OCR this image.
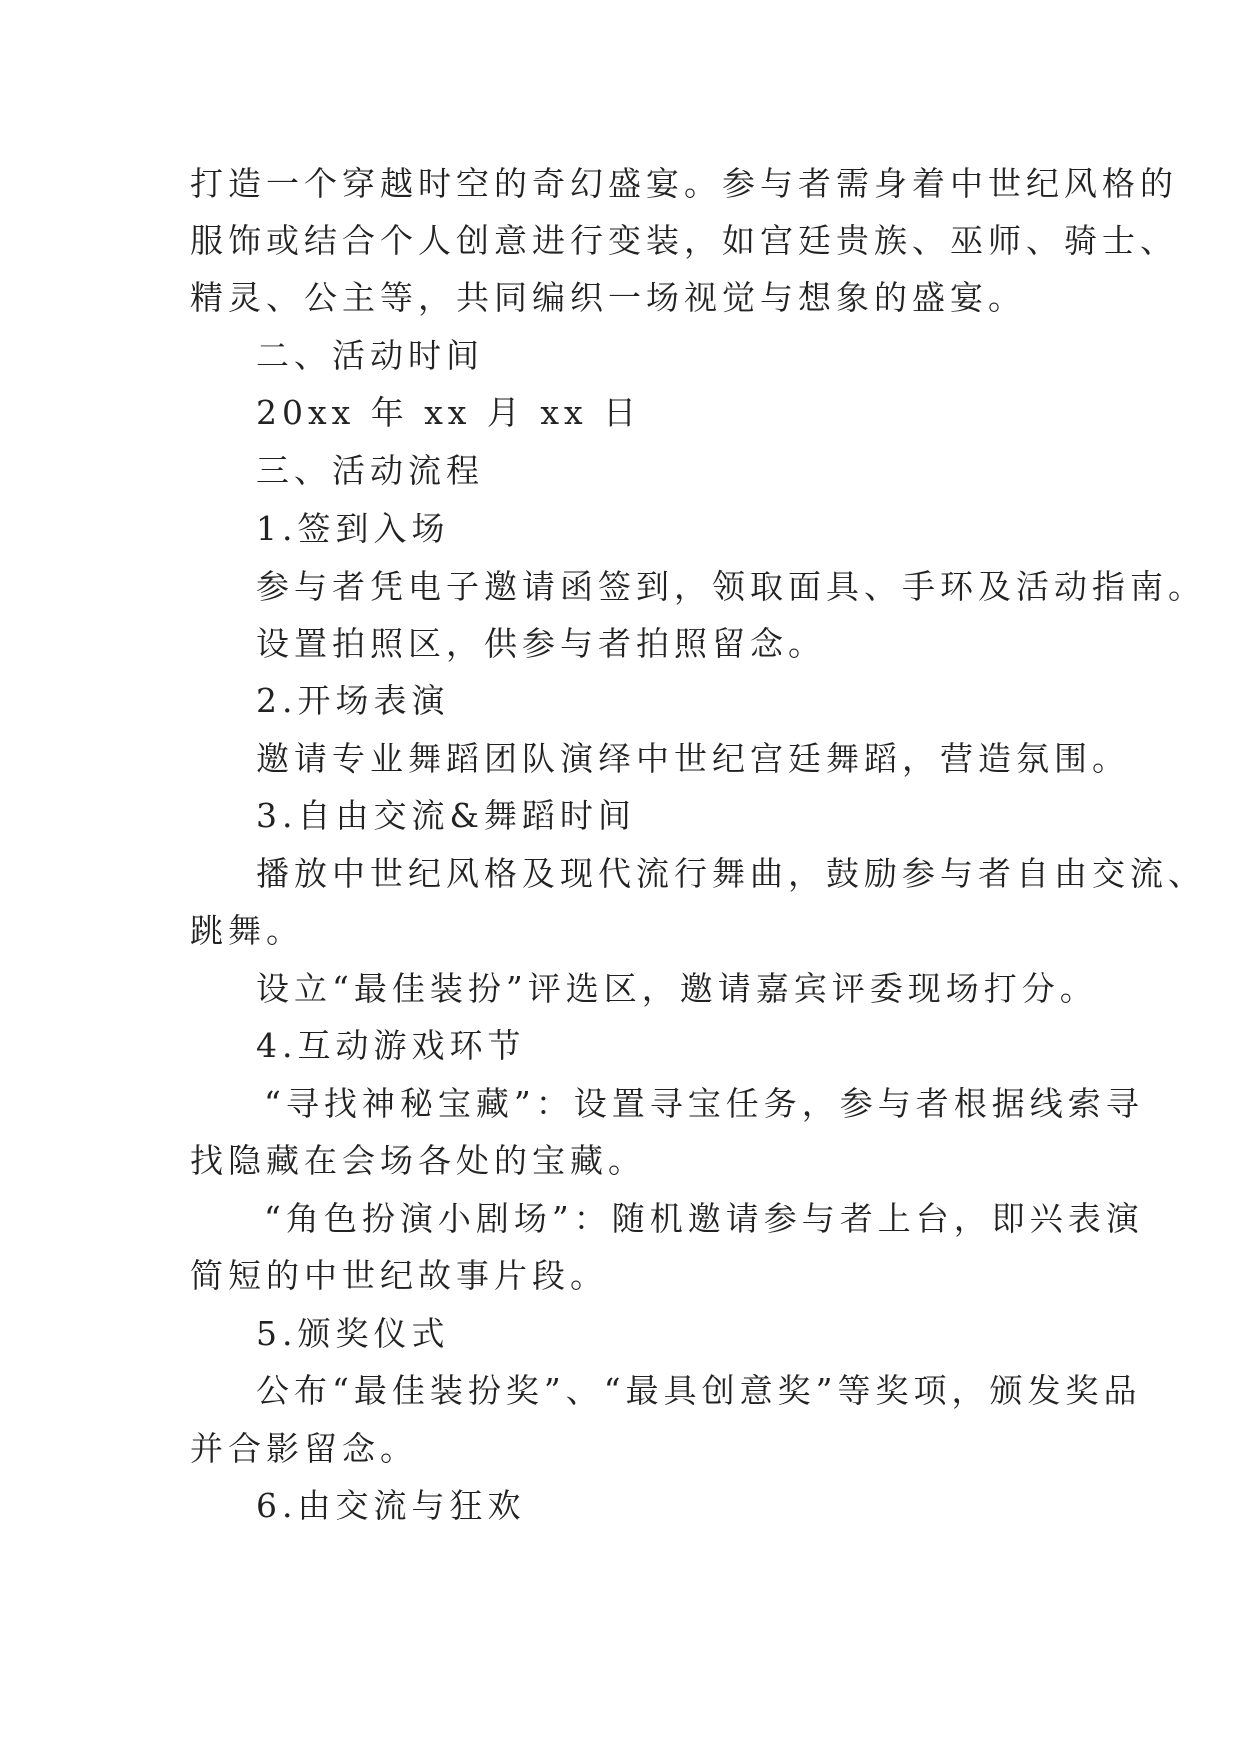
打造一个穿越时空的奇幻盛宴。参与者需身着中世纪风格的
服饰或结合个人创意进行变装，如宫廷贵族、巫师、骑士、
精灵、公主等，共同编织一场视觉与想象的盛宴。
二、活动时间
20xx 年 xx 月 xx 日
三、活动流程
1.签到入场
参与者凭电子邀请函签到，领取面具、手环及活动指南。
设置拍照区，供参与者拍照留念。
2.开场表演
邀请专业舞蹈团队演绎中世纪宫廷舞蹈，营造氛围。
3.自由交流&舞蹈时间
播放中世纪风格及现代流行舞曲，鼓励参与者自由交流、
跳舞。
设立“最佳装扮”评选区，邀请嘉宾评委现场打分。
4.互动游戏环节
“寻找神秘宝藏”：设置寻宝任务，参与者根据线索寻
找隐藏在会场各处的宝藏。
“角色扮演小剧场”：随机邀请参与者上台，即兴表演
简短的中世纪故事片段。
5.颁奖仪式
公布“最佳装扮奖”、“最具创意奖”等奖项，颁发奖品
并合影留念。
6.由交流与狂欢
